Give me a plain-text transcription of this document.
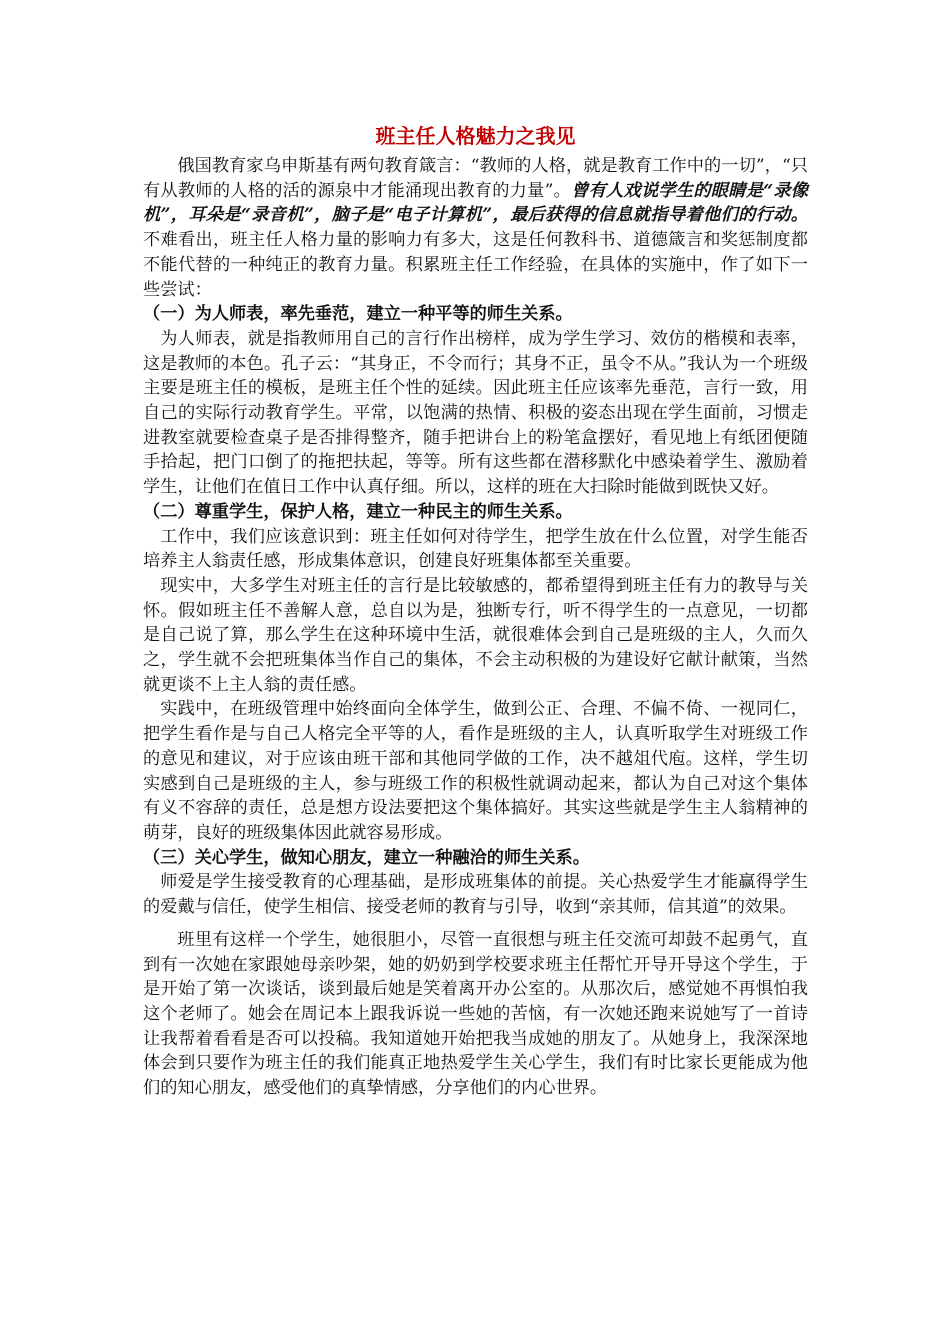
班主任人格魅力之我见

俄国教育家乌申斯基有两句教育箴言：“教师的人格，就是教育工作中的一切”，“只有从教师的人格的活的源泉中才能涌现出教育的力量”。曾有人戏说学生的眼睛是“录像机”，耳朵是“录音机”，脑子是“电子计算机”，最后获得的信息就指导着他们的行动。不难看出，班主任人格力量的影响力有多大，这是任何教科书、道德箴言和奖惩制度都不能代替的一种纯正的教育力量。积累班主任工作经验，在具体的实施中，作了如下一些尝试：

（一）为人师表，率先垂范，建立一种平等的师生关系。

为人师表，就是指教师用自己的言行作出榜样，成为学生学习、效仿的楷模和表率，这是教师的本色。孔子云：“其身正，不令而行；其身不正，虽令不从。”我认为一个班级主要是班主任的模板，是班主任个性的延续。因此班主任应该率先垂范，言行一致，用自己的实际行动教育学生。平常，以饱满的热情、积极的姿态出现在学生面前，习惯走进教室就要检查桌子是否排得整齐，随手把讲台上的粉笔盒摆好，看见地上有纸团便随手拾起，把门口倒了的拖把扶起，等等。所有这些都在潜移默化中感染着学生、激励着学生，让他们在值日工作中认真仔细。所以，这样的班在大扫除时能做到既快又好。

（二）尊重学生，保护人格，建立一种民主的师生关系。

工作中，我们应该意识到：班主任如何对待学生，把学生放在什么位置，对学生能否培养主人翁责任感，形成集体意识，创建良好班集体都至关重要。

现实中，大多学生对班主任的言行是比较敏感的，都希望得到班主任有力的教导与关怀。假如班主任不善解人意，总自以为是，独断专行，听不得学生的一点意见，一切都是自己说了算，那么学生在这种环境中生活，就很难体会到自己是班级的主人，久而久之，学生就不会把班集体当作自己的集体，不会主动积极的为建设好它献计献策，当然就更谈不上主人翁的责任感。

实践中，在班级管理中始终面向全体学生，做到公正、合理、不偏不倚、一视同仁，把学生看作是与自己人格完全平等的人，看作是班级的主人，认真听取学生对班级工作的意见和建议，对于应该由班干部和其他同学做的工作，决不越俎代庖。这样，学生切实感到自己是班级的主人，参与班级工作的积极性就调动起来，都认为自己对这个集体有义不容辞的责任，总是想方设法要把这个集体搞好。其实这些就是学生主人翁精神的萌芽，良好的班级集体因此就容易形成。

（三）关心学生，做知心朋友，建立一种融洽的师生关系。

师爱是学生接受教育的心理基础，是形成班集体的前提。关心热爱学生才能赢得学生的爱戴与信任，使学生相信、接受老师的教育与引导，收到“亲其师，信其道”的效果。

班里有这样一个学生，她很胆小，尽管一直很想与班主任交流可却鼓不起勇气，直到有一次她在家跟她母亲吵架，她的奶奶到学校要求班主任帮忙开导开导这个学生，于是开始了第一次谈话，谈到最后她是笑着离开办公室的。从那次后，感觉她不再惧怕我这个老师了。她会在周记本上跟我诉说一些她的苦恼，有一次她还跑来说她写了一首诗让我帮着看看是否可以投稿。我知道她开始把我当成她的朋友了。从她身上，我深深地体会到只要作为班主任的我们能真正地热爱学生关心学生，我们有时比家长更能成为他们的知心朋友，感受他们的真挚情感，分享他们的内心世界。
